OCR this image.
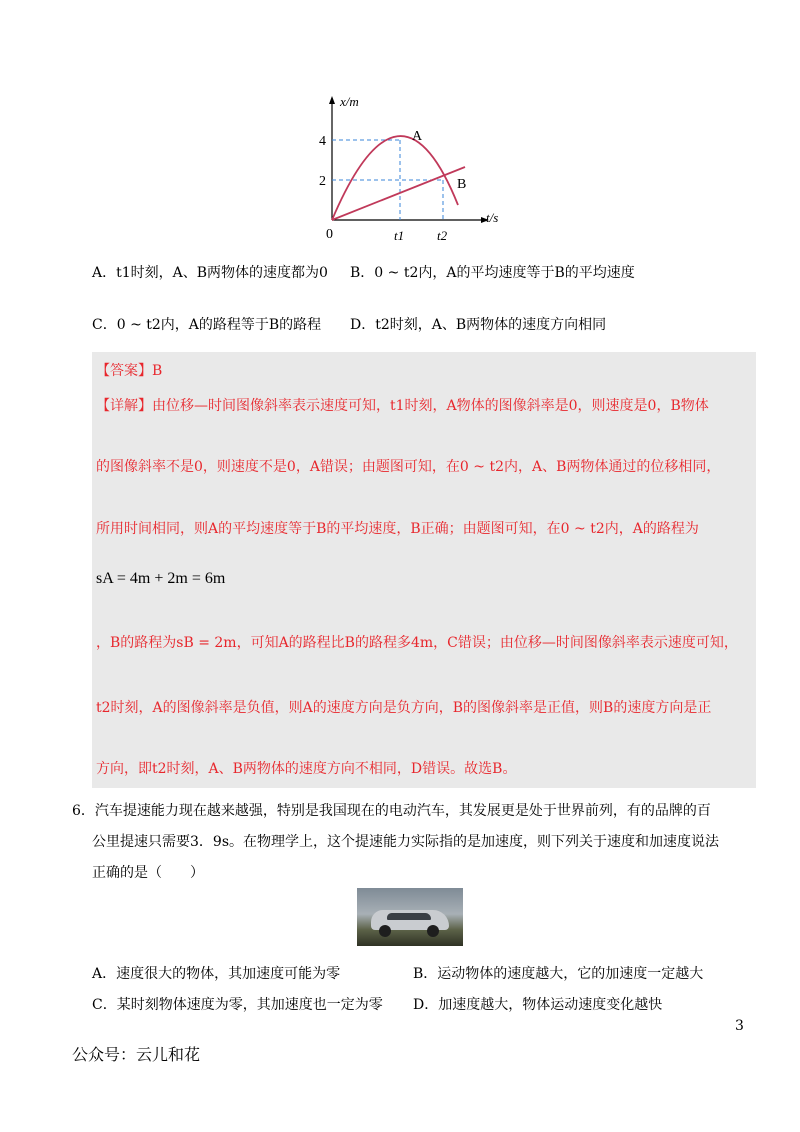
x/m
t/s
4
2
0	t1	t2
A
B
A．t1时刻，A、B两物体的速度都为0 B．0 ~ t2内，A的平均速度等于B的平均速度
C．0 ~ t2内，A的路程等于B的路程 D．t2时刻，A、B两物体的速度方向相同
【答案】B
【详解】由位移—时间图像斜率表示速度可知，t1时刻，A物体的图像斜率是0，则速度是0，B物体
的图像斜率不是0，则速度不是0，A错误；由题图可知，在0 ~ t2内，A、B两物体通过的位移相同，
所用时间相同，则A的平均速度等于B的平均速度，B正确；由题图可知，在0 ~ t2内，A的路程为
sA = 4m + 2m = 6m
，B的路程为sB = 2m，可知A的路程比B的路程多4m，C错误；由位移—时间图像斜率表示速度可知，
t2时刻，A的图像斜率是负值，则A的速度方向是负方向，B的图像斜率是正值，则B的速度方向是正
方向，即t2时刻，A、B两物体的速度方向不相同，D错误。故选B。
6．汽车提速能力现在越来越强，特别是我国现在的电动汽车，其发展更是处于世界前列，有的品牌的百
公里提速只需要3．9s。在物理学上，这个提速能力实际指的是加速度，则下列关于速度和加速度说法
正确的是（　　）
A．速度很大的物体，其加速度可能为零	B．运动物体的速度越大，它的加速度一定越大
C．某时刻物体速度为零，其加速度也一定为零 D．加速度越大，物体运动速度变化越快
3
公众号：云儿和花
